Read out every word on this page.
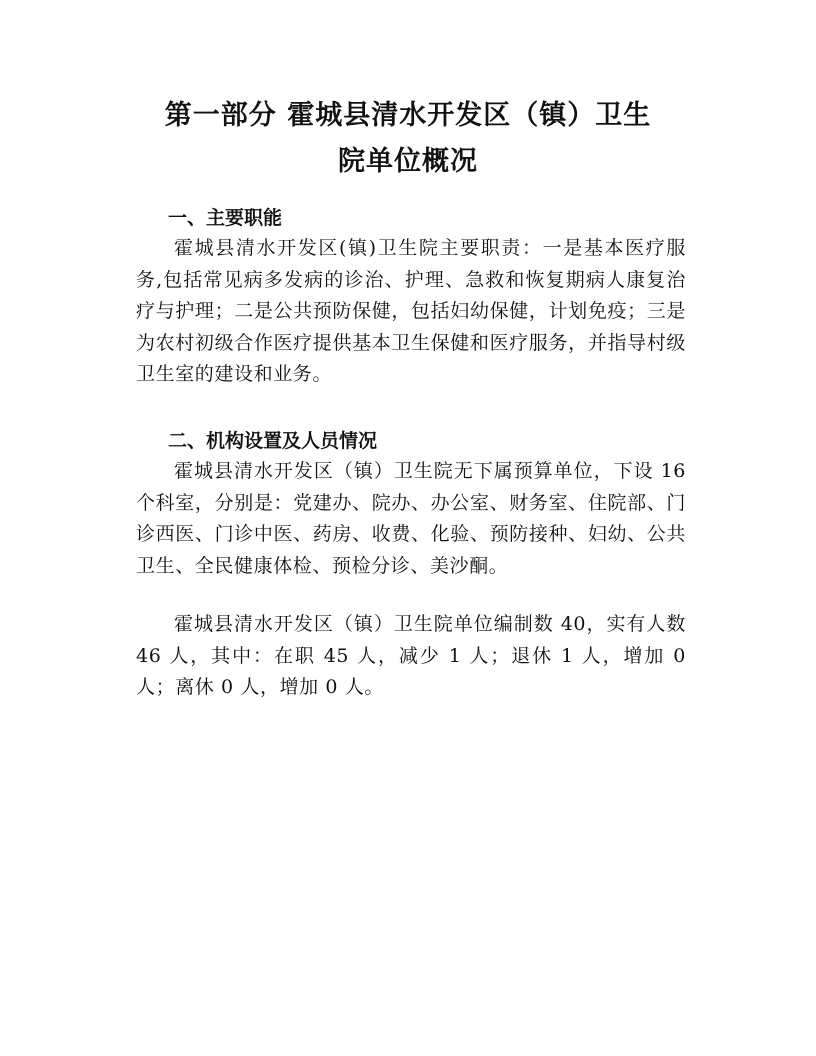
第一部分 霍城县清水开发区（镇）卫生
院单位概况
一、主要职能

霍城县清水开发区(镇)卫生院主要职责：一是基本医疗服务,包括常见病多发病的诊治、护理、急救和恢复期病人康复治疗与护理；二是公共预防保健，包括妇幼保健，计划免疫；三是为农村初级合作医疗提供基本卫生保健和医疗服务，并指导村级卫生室的建设和业务。

二、机构设置及人员情况

霍城县清水开发区（镇）卫生院无下属预算单位，下设 16 个科室，分别是：党建办、院办、办公室、财务室、住院部、门诊西医、门诊中医、药房、收费、化验、预防接种、妇幼、公共卫生、全民健康体检、预检分诊、美沙酮。

霍城县清水开发区（镇）卫生院单位编制数 40，实有人数 46 人，其中：在职 45 人，减少 1 人；退休 1 人，增加 0 人；离休 0 人，增加 0 人。
